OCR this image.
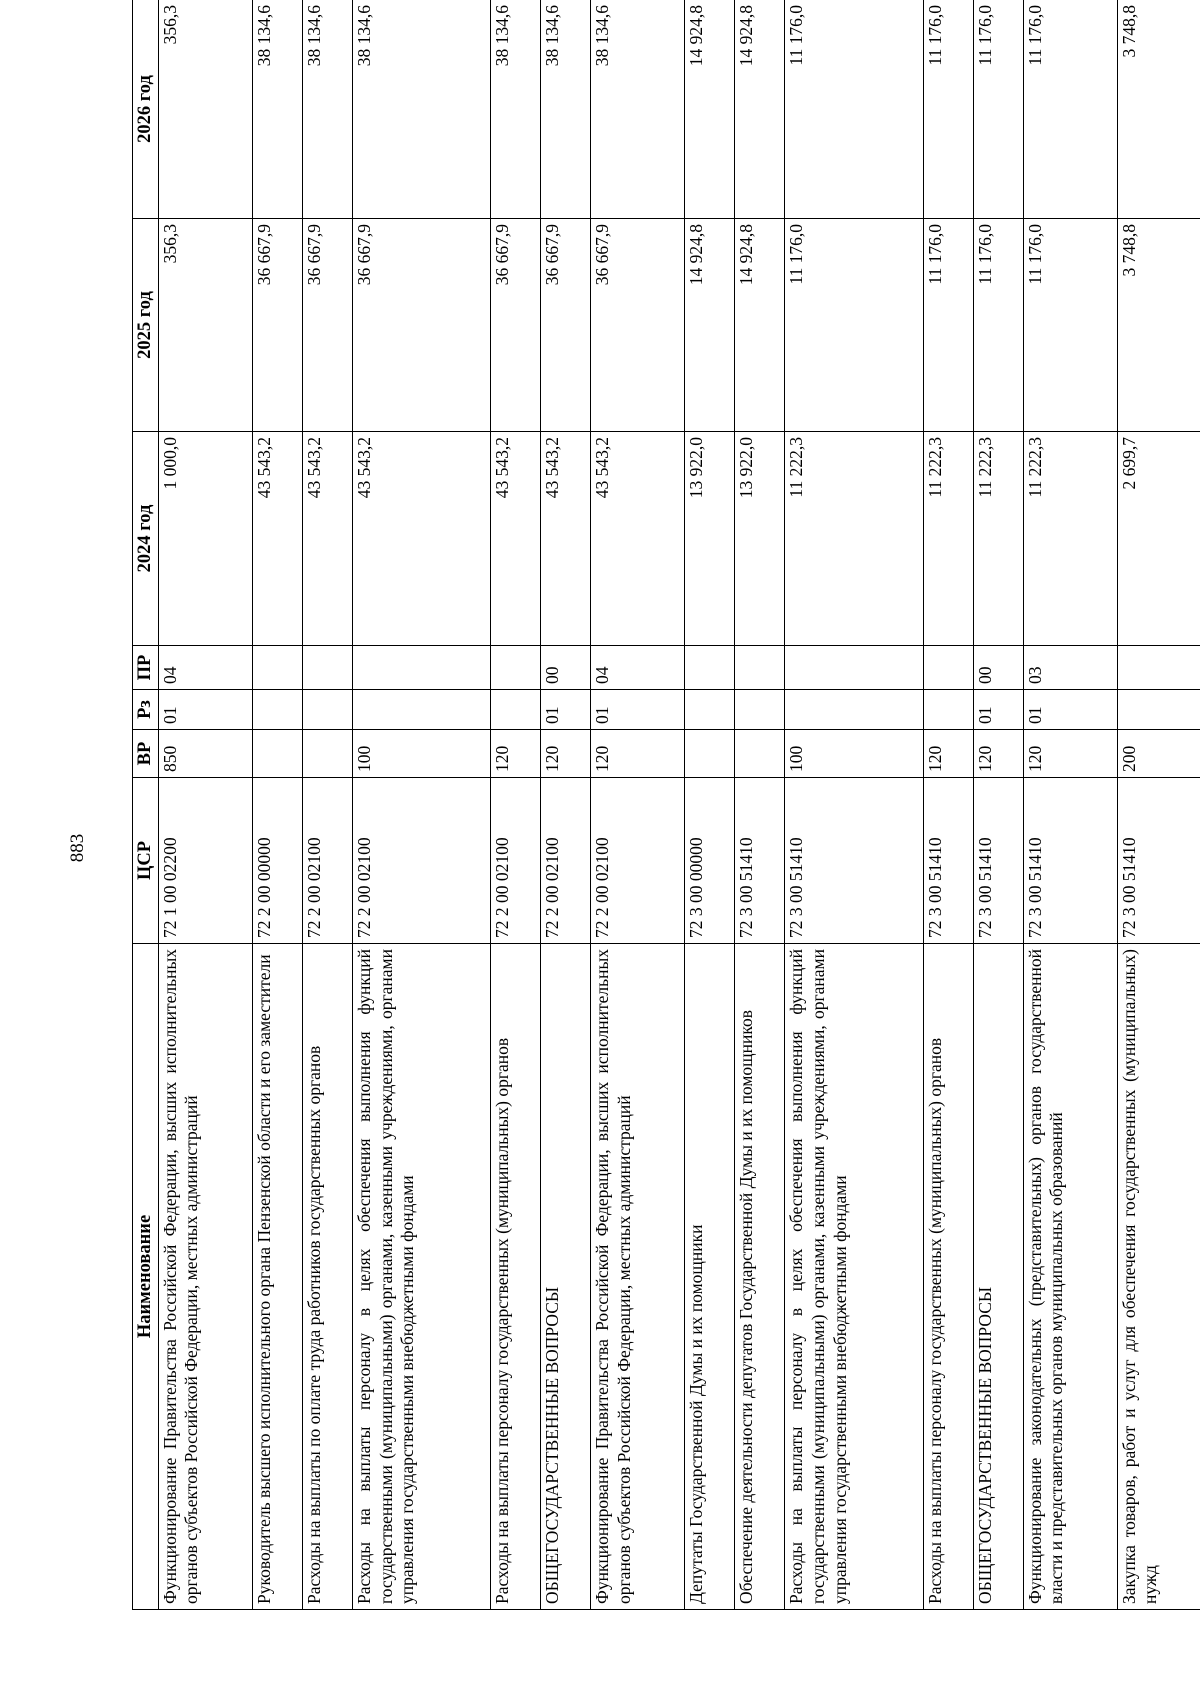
883
Наименование	ЦСР	ВР	Рз	ПР	2024 год	2025 год	2026 год
Функционирование Правительства Российской Федерации, высших исполнительных органов субъектов Российской Федерации, местных администраций	72 1 00 02200	850	01	04	1 000,0	356,3	356,3
Руководитель высшего исполнительного органа Пензенской области и его заместители	72 2 00 00000				43 543,2	36 667,9	38 134,6
Расходы на выплаты по оплате труда работников государственных органов	72 2 00 02100				43 543,2	36 667,9	38 134,6
Расходы на выплаты персоналу в целях обеспечения выполнения функций государственными (муниципальными) органами, казенными учреждениями, органами управления государственными внебюджетными фондами	72 2 00 02100	100			43 543,2	36 667,9	38 134,6
Расходы на выплаты персоналу государственных (муниципальных) органов	72 2 00 02100	120			43 543,2	36 667,9	38 134,6
ОБЩЕГОСУДАРСТВЕННЫЕ ВОПРОСЫ	72 2 00 02100	120	01	00	43 543,2	36 667,9	38 134,6
Функционирование Правительства Российской Федерации, высших исполнительных органов субъектов Российской Федерации, местных администраций	72 2 00 02100	120	01	04	43 543,2	36 667,9	38 134,6
Депутаты Государственной Думы и их помощники	72 3 00 00000				13 922,0	14 924,8	14 924,8
Обеспечение деятельности депутатов Государственной Думы и их помощников	72 3 00 51410				13 922,0	14 924,8	14 924,8
Расходы на выплаты персоналу в целях обеспечения выполнения функций государственными (муниципальными) органами, казенными учреждениями, органами управления государственными внебюджетными фондами	72 3 00 51410	100			11 222,3	11 176,0	11 176,0
Расходы на выплаты персоналу государственных (муниципальных) органов	72 3 00 51410	120			11 222,3	11 176,0	11 176,0
ОБЩЕГОСУДАРСТВЕННЫЕ ВОПРОСЫ	72 3 00 51410	120	01	00	11 222,3	11 176,0	11 176,0
Функционирование законодательных (представительных) органов государственной власти и представительных органов муниципальных образований	72 3 00 51410	120	01	03	11 222,3	11 176,0	11 176,0
Закупка товаров, работ и услуг для обеспечения государственных (муниципальных) нужд	72 3 00 51410	200			2 699,7	3 748,8	3 748,8
